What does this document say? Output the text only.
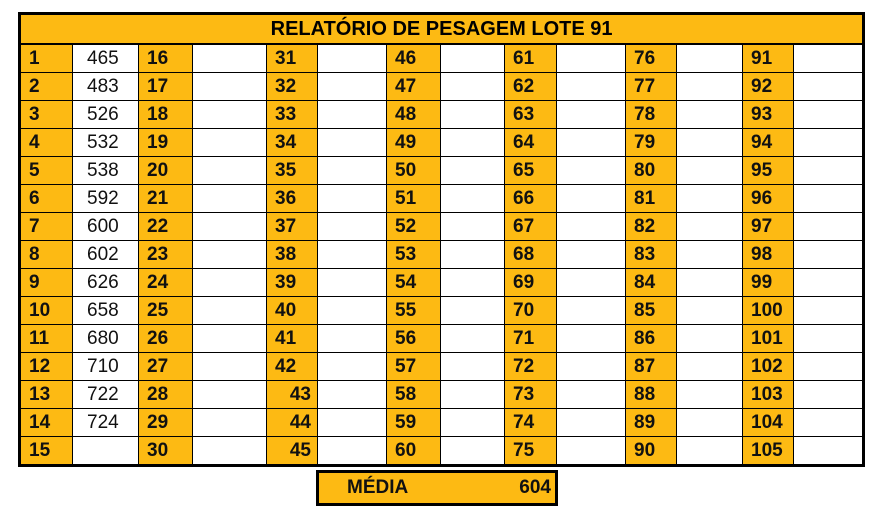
RELATÓRIO DE PESAGEM LOTE 91													
1	465	16		31		46		61		76		91	
2	483	17		32		47		62		77		92	
3	526	18		33		48		63		78		93	
4	532	19		34		49		64		79		94	
5	538	20		35		50		65		80		95	
6	592	21		36		51		66		81		96	
7	600	22		37		52		67		82		97	
8	602	23		38		53		68		83		98	
9	626	24		39		54		69		84		99	
10	658	25		40		55		70		85		100	
11	680	26		41		56		71		86		101	
12	710	27		42		57		72		87		102	
13	722	28		43		58		73		88		103	
14	724	29		44		59		74		89		104	
15		30		45		60		75		90		105	
MÉDIA	604
